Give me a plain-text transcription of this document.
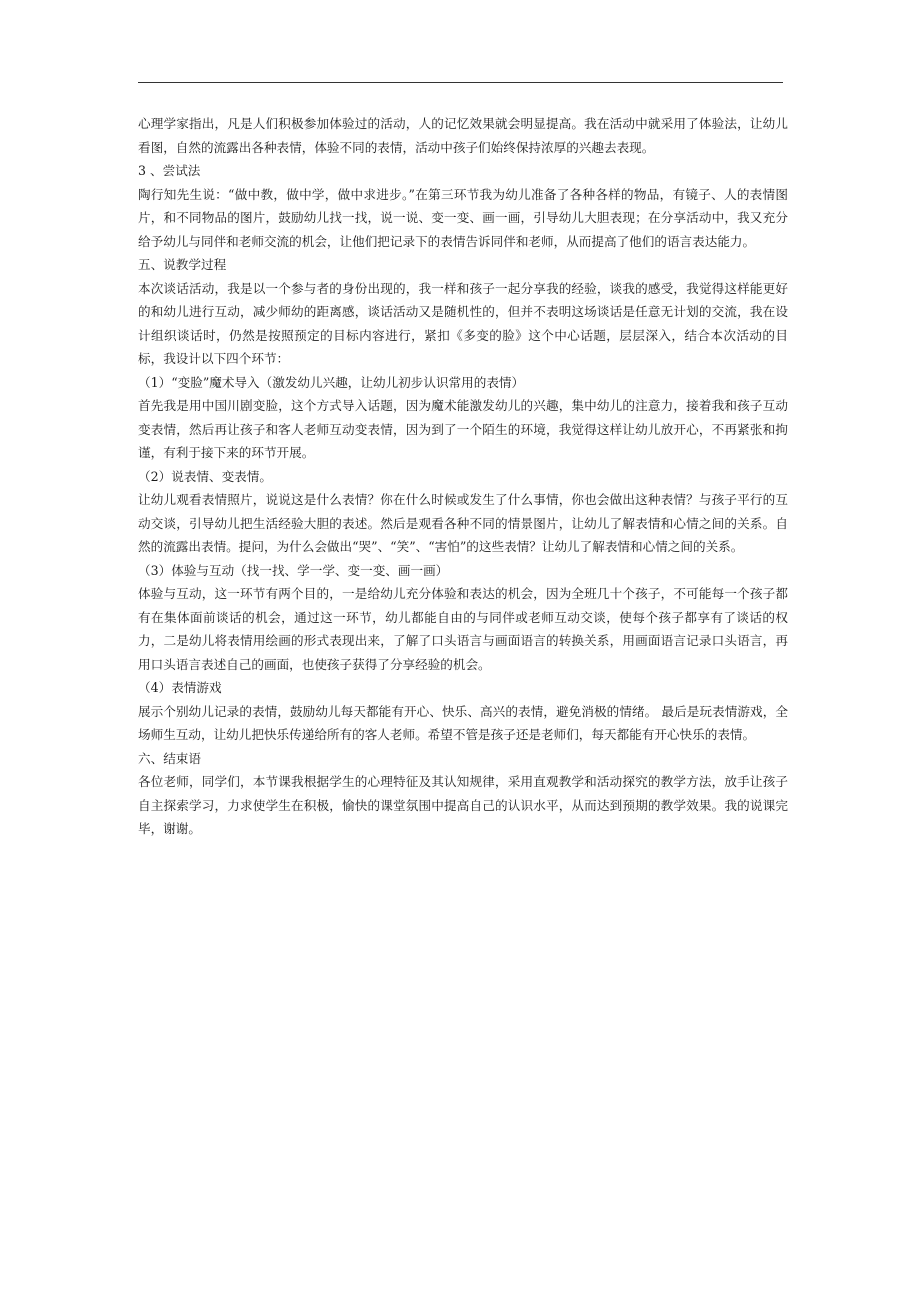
心理学家指出，凡是人们积极参加体验过的活动，人的记忆效果就会明显提高。我在活动中就采用了体验法，让幼儿看图，自然的流露出各种表情，体验不同的表情，活动中孩子们始终保持浓厚的兴趣去表现。

3 、尝试法

陶行知先生说：“做中教，做中学，做中求进步。”在第三环节我为幼儿准备了各种各样的物品，有镜子、人的表情图片，和不同物品的图片，鼓励幼儿找一找，说一说、变一变、画一画，引导幼儿大胆表现；在分享活动中，我又充分给予幼儿与同伴和老师交流的机会，让他们把记录下的表情告诉同伴和老师，从而提高了他们的语言表达能力。

五、说教学过程

本次谈话活动，我是以一个参与者的身份出现的，我一样和孩子一起分享我的经验，谈我的感受，我觉得这样能更好的和幼儿进行互动，减少师幼的距离感，谈话活动又是随机性的，但并不表明这场谈话是任意无计划的交流，我在设计组织谈话时，仍然是按照预定的目标内容进行，紧扣《多变的脸》这个中心话题，层层深入，结合本次活动的目标，我设计以下四个环节：

（1）“变脸”魔术导入（激发幼儿兴趣，让幼儿初步认识常用的表情）

首先我是用中国川剧变脸，这个方式导入话题，因为魔术能激发幼儿的兴趣，集中幼儿的注意力，接着我和孩子互动变表情，然后再让孩子和客人老师互动变表情，因为到了一个陌生的环境，我觉得这样让幼儿放开心，不再紧张和拘谨，有利于接下来的环节开展。

（2）说表情、变表情。

让幼儿观看表情照片，说说这是什么表情？你在什么时候或发生了什么事情，你也会做出这种表情？与孩子平行的互动交谈，引导幼儿把生活经验大胆的表述。然后是观看各种不同的情景图片，让幼儿了解表情和心情之间的关系。自然的流露出表情。提问，为什么会做出“哭”、“笑”、“害怕”的这些表情？让幼儿了解表情和心情之间的关系。

（3）体验与互动（找一找、学一学、变一变、画一画）

体验与互动，这一环节有两个目的，一是给幼儿充分体验和表达的机会，因为全班几十个孩子，不可能每一个孩子都有在集体面前谈话的机会，通过这一环节，幼儿都能自由的与同伴或老师互动交谈，使每个孩子都享有了谈话的权力，二是幼儿将表情用绘画的形式表现出来，了解了口头语言与画面语言的转换关系，用画面语言记录口头语言，再用口头语言表述自己的画面，也使孩子获得了分享经验的机会。

（4）表情游戏

展示个别幼儿记录的表情，鼓励幼儿每天都能有开心、快乐、高兴的表情，避免消极的情绪。 最后是玩表情游戏，全场师生互动，让幼儿把快乐传递给所有的客人老师。希望不管是孩子还是老师们，每天都能有开心快乐的表情。

六、结束语

各位老师，同学们，本节课我根据学生的心理特征及其认知规律，采用直观教学和活动探究的教学方法，放手让孩子自主探索学习，力求使学生在积极，愉快的课堂氛围中提高自己的认识水平，从而达到预期的教学效果。我的说课完毕，谢谢。
